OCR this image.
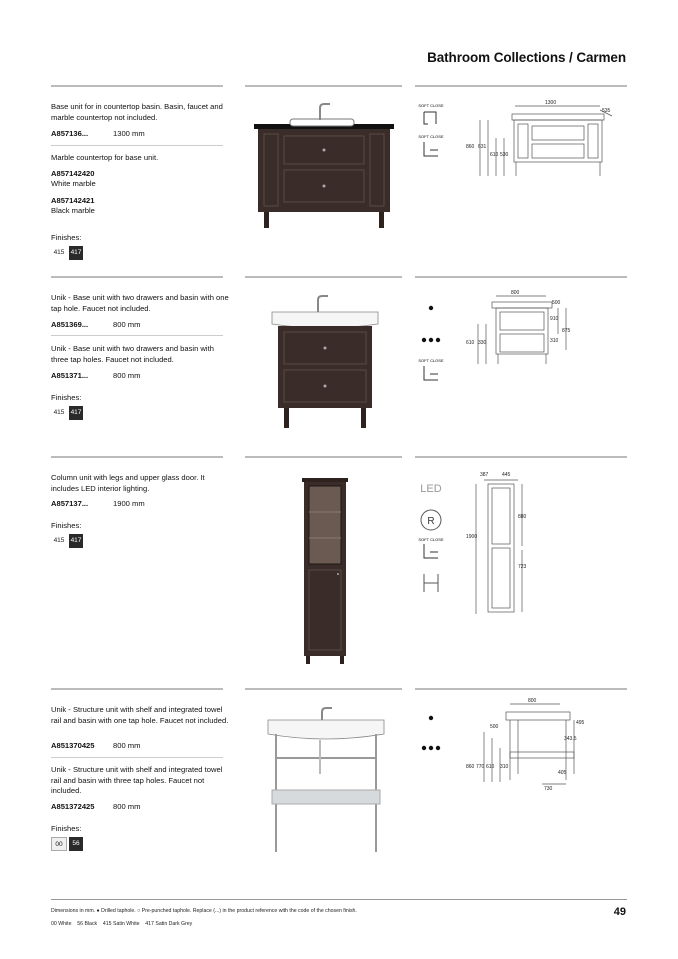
Bathroom Collections / Carmen
Base unit for in countertop basin. Basin, faucet and marble countertop not included.
A857136...	1300 mm
Marble countertop for base unit.
A857142420
White marble
A857142421
Black marble
Finishes:
415 417
SOFT CLOSE
SOFT CLOSE
1300
535
860 631
610 530
Unik - Base unit with two drawers and basin with one tap hole. Faucet not included.
A851369...	800 mm
Unik - Base unit with two drawers and basin with three tap holes. Faucet not included.
A851371...	800 mm
Finishes:
415 417
SOFT CLOSE
800
500
910
875
610 330	310
Column unit with legs and upper glass door. It includes LED interior lighting.
A857137...	1900 mm
Finishes:
415 417
LED
R
SOFT CLOSE
387	445
880
1900
723
Unik - Structure unit with shelf and integrated towel rail and basin with one tap hole. Faucet not included.
A851370425 800 mm
Unik - Structure unit with shelf and integrated towel rail and basin with three tap holes. Faucet not included.
A851372425 800 mm
Finishes:
00	56
800
495
500
343.5
860 770 610 310
405
730
Dimensions in mm. ● Drilled taphole. ○ Pre-punched taphole. Replace (...) in the product reference with the code of the chosen finish.
00 White    56 Black    415 Satin White    417 Satin Dark Grey
49
